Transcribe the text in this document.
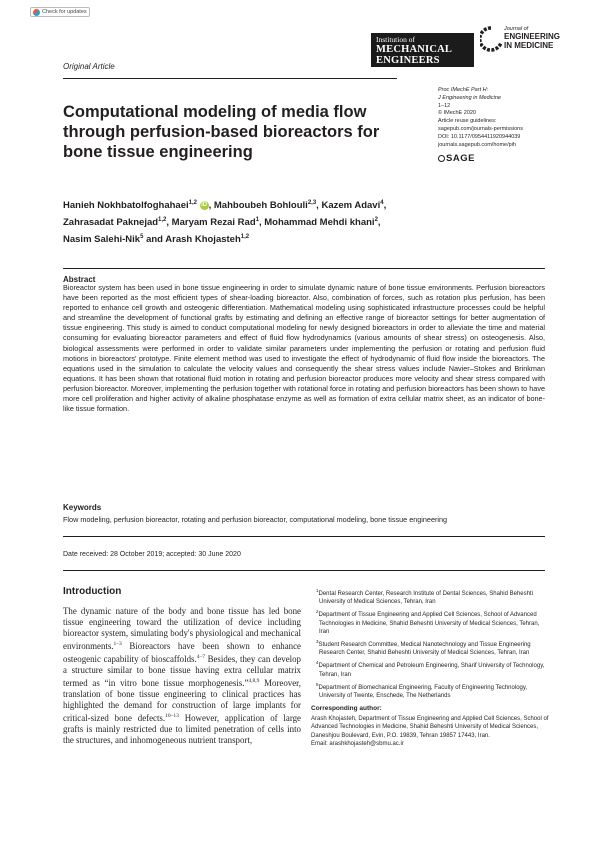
Check for updates
Institution of
MECHANICAL
ENGINEERS
Journal of
ENGINEERING
IN MEDICINE
Original Article
Computational modeling of media flow through perfusion-based bioreactors for bone tissue engineering
Proc IMechE Part H:
J Engineering in Medicine
1–12
© IMechE 2020
Article reuse guidelines:
sagepub.com/journals-permissions
DOI: 10.1177/0954411920944039
journals.sagepub.com/home/pih
SAGE
Hanieh Nokhbatolfoghahaei$^{1,2}$ iD , Mahboubeh Bohlouli$^{2,3}$, Kazem Adavi$^4$,
Zahrasadat Paknejad$^{1,2}$, Maryam Rezai Rad$^1$, Mohammad Mehdi khani$^2$,
Nasim Salehi-Nik$^5$ and Arash Khojasteh$^{1,2}$
Abstract

Bioreactor system has been used in bone tissue engineering in order to simulate dynamic nature of bone tissue environments. Perfusion bioreactors have been reported as the most efficient types of shear-loading bioreactor. Also, combination of forces, such as rotation plus perfusion, has been reported to enhance cell growth and osteogenic differentiation. Mathematical modeling using sophisticated infrastructure processes could be helpful and streamline the development of functional grafts by estimating and defining an effective range of bioreactor settings for better augmentation of tissue engineering. This study is aimed to conduct computational modeling for newly designed bioreactors in order to alleviate the time and material consuming for evaluating bioreactor parameters and effect of fluid flow hydrodynamics (various amounts of shear stress) on osteogenesis. Also, biological assessments were performed in order to validate similar parameters under implementing the perfusion or rotating and perfusion fluid motions in bioreactors' prototype. Finite element method was used to investigate the effect of hydrodynamic of fluid flow inside the bioreactors. The equations used in the simulation to calculate the velocity values and consequently the shear stress values include Navier–Stokes and Brinkman equations. It has been shown that rotational fluid motion in rotating and perfusion bioreactor produces more velocity and shear stress compared with perfusion bioreactor. Moreover, implementing the perfusion together with rotational force in rotating and perfusion bioreactors has been shown to have more cell proliferation and higher activity of alkaline phosphatase enzyme as well as formation of extra cellular matrix sheet, as an indicator of bone-like tissue formation.

Keywords

Flow modeling, perfusion bioreactor, rotating and perfusion bioreactor, computational modeling, bone tissue engineering

Date received: 28 October 2019; accepted: 30 June 2020
Introduction

The dynamic nature of the body and bone tissue has led bone tissue engineering toward the utilization of device including bioreactor system, simulating body's physiological and mechanical environments.$^{1-3}$ Bioreactors have been shown to enhance osteogenic capability of bioscaffolds.$^{4-7}$ Besides, they can develop a structure similar to bone tissue having extra cellular matrix termed as “in vitro bone tissue morphogenesis.”$^{4,8,9}$ Moreover, translation of bone tissue engineering to clinical practices has highlighted the demand for construction of large implants for critical-sized bone defects.$^{10-13}$ However, application of large grafts is mainly restricted due to limited penetration of cells into the structures, and inhomogeneous nutrient transport,

$^1$Dental Research Center, Research Institute of Dental Sciences, Shahid Beheshti University of Medical Sciences, Tehran, Iran
$^2$Department of Tissue Engineering and Applied Cell Sciences, School of Advanced Technologies in Medicine, Shahid Beheshti University of Medical Sciences, Tehran, Iran
$^3$Student Research Committee, Medical Nanotechnology and Tissue Engineering Research Center, Shahid Beheshti University of Medical Sciences, Tehran, Iran
$^4$Department of Chemical and Petroleum Engineering, Sharif University of Technology, Tehran, Iran
$^5$Department of Biomechanical Engineering, Faculty of Engineering Technology, University of Twente, Enschede, The Netherlands
Corresponding author:
Arash Khojasteh, Department of Tissue Engineering and Applied Cell Sciences, School of Advanced Technologies in Medicine, Shahid Beheshti University of Medical Sciences, Daneshjou Boulevard, Evin, P.O. 19839, Tehran 19857 17443, Iran.
Email: arashkhojasteh@sbmu.ac.ir
